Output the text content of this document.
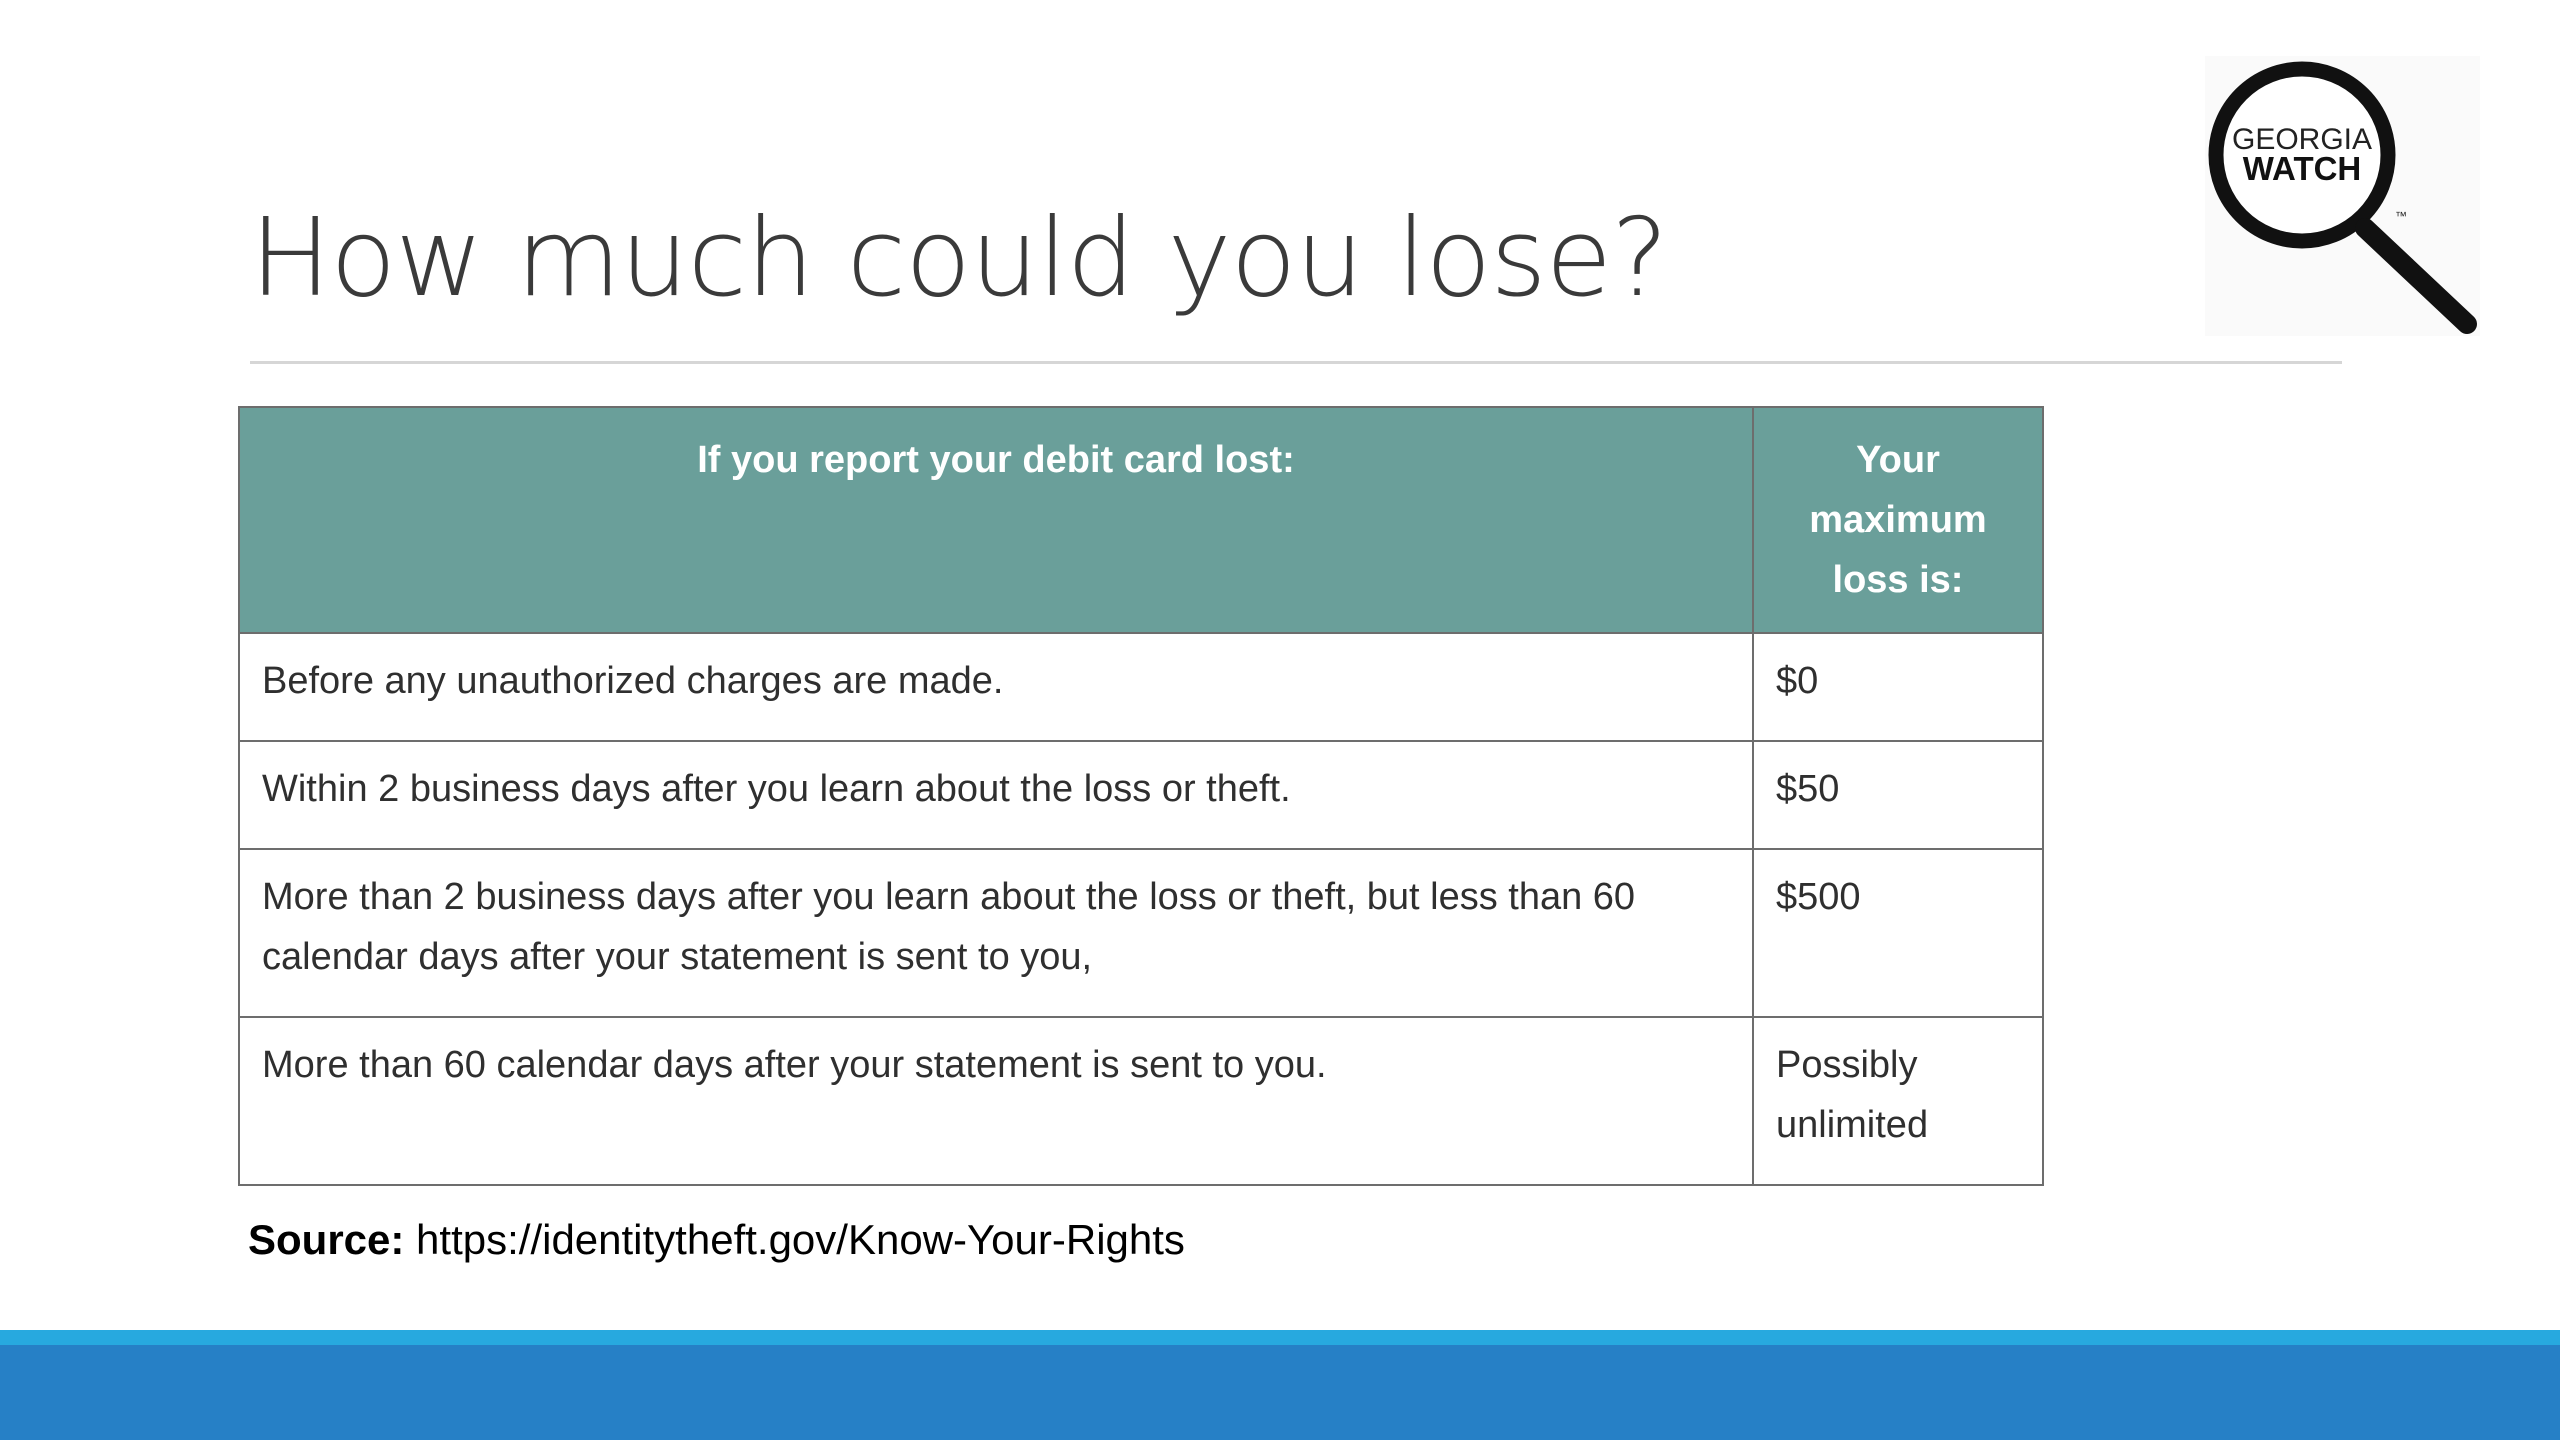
How much could you lose?
GEORGIA
WATCH
™
If you report your debit card lost:	Your maximum loss is:
Before any unauthorized charges are made.	$0
Within 2 business days after you learn about the loss or theft.	$50
More than 2 business days after you learn about the loss or theft, but less than 60 calendar days after your statement is sent to you,	$500
More than 60 calendar days after your statement is sent to you.	Possibly unlimited
Source: https://identitytheft.gov/Know-Your-Rights
